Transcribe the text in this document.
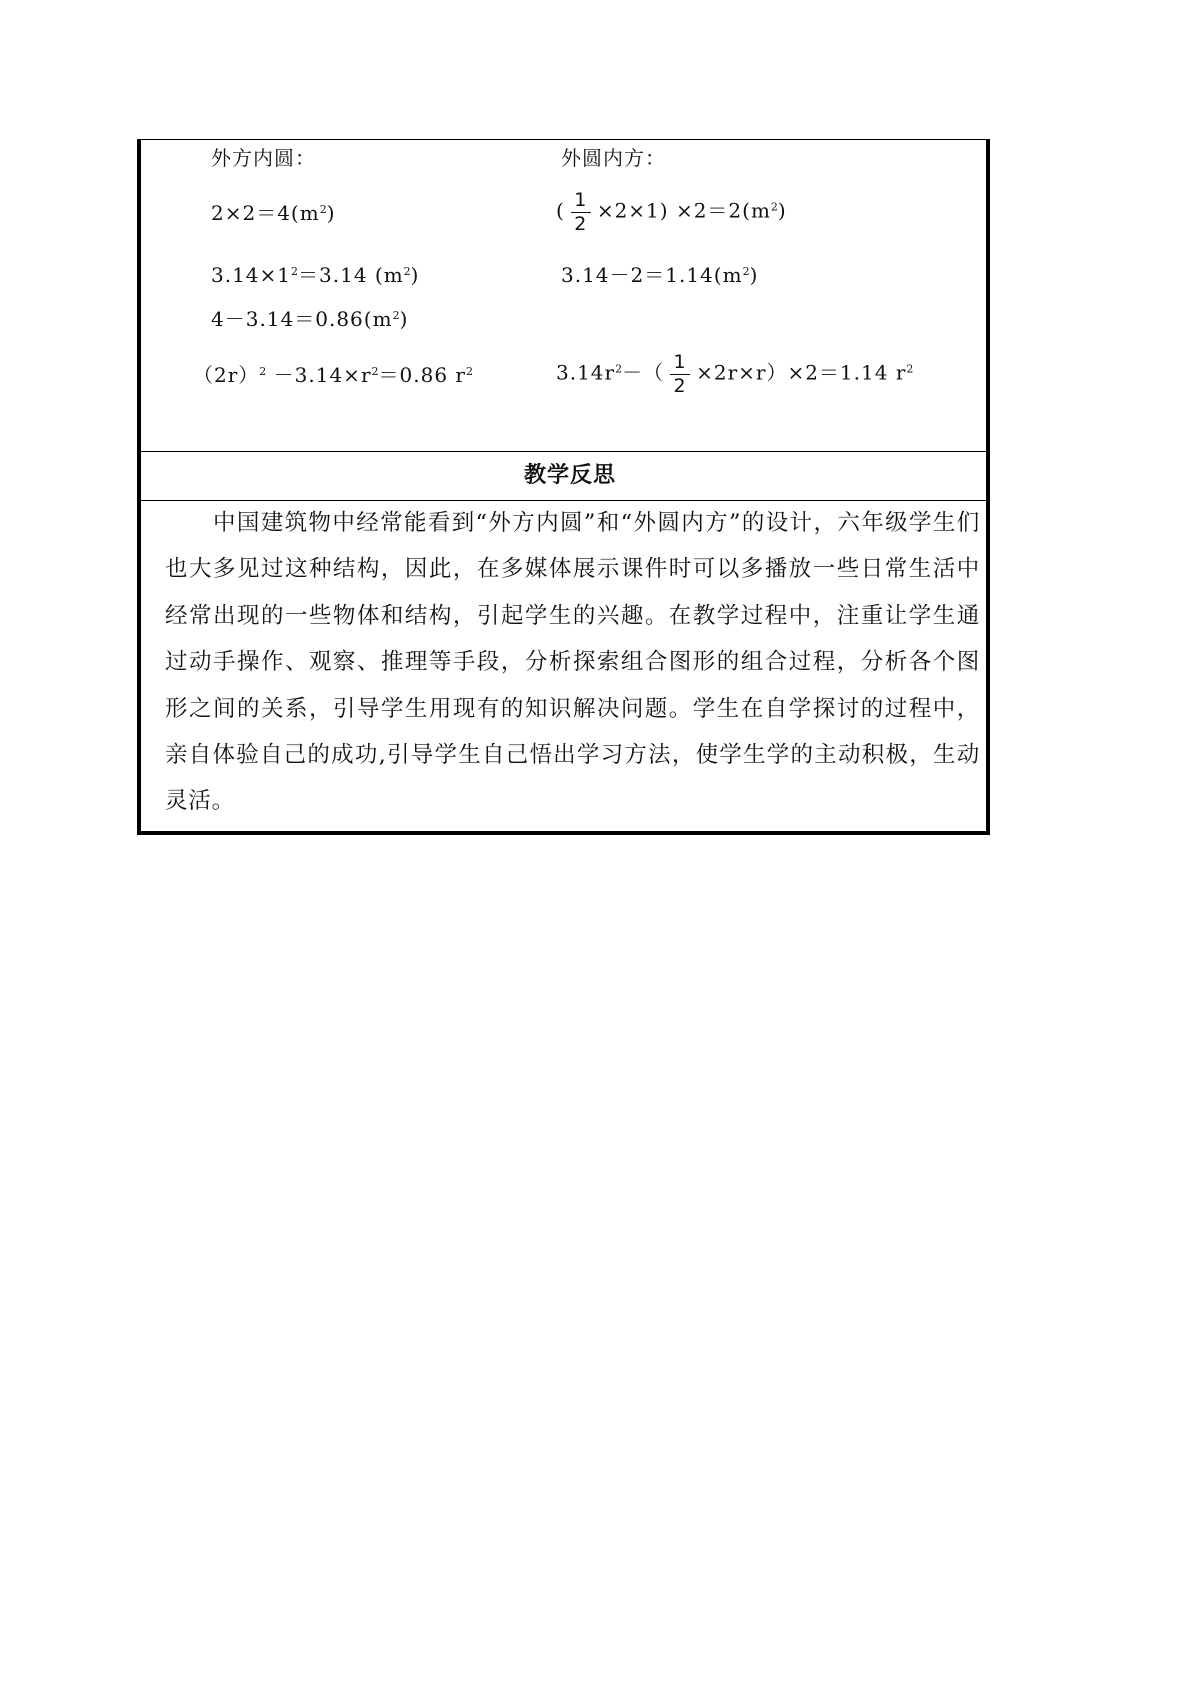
外方内圆：	外圆内方：
$2\times 2=4(m^2)$	( $\frac{1}{2} \times 2\times 1) \times 2=2(m^2)$
$3.14\times 1^2=3.14$ $(m^2)$	$3.14-2=1.14(m^2)$
$4-3.14=0.86(m^2)$
$(2r)^2 -3.14\times r^2=0.86$ $r^2$	$3.14r^2-( \frac{1}{2} \times 2r\times r)\times 2=1.14$ $r^2$
教学反思
中国建筑物中经常能看到“外方内圆”和“外圆内方”的设计，六年级学生们也大多见过这种结构，因此，在多媒体展示课件时可以多播放一些日常生活中经常出现的一些物体和结构，引起学生的兴趣。在教学过程中，注重让学生通过动手操作、观察、推理等手段，分析探索组合图形的组合过程，分析各个图形之间的关系，引导学生用现有的知识解决问题。学生在自学探讨的过程中，亲自体验自己的成功,引导学生自己悟出学习方法，使学生学的主动积极，生动灵活。
